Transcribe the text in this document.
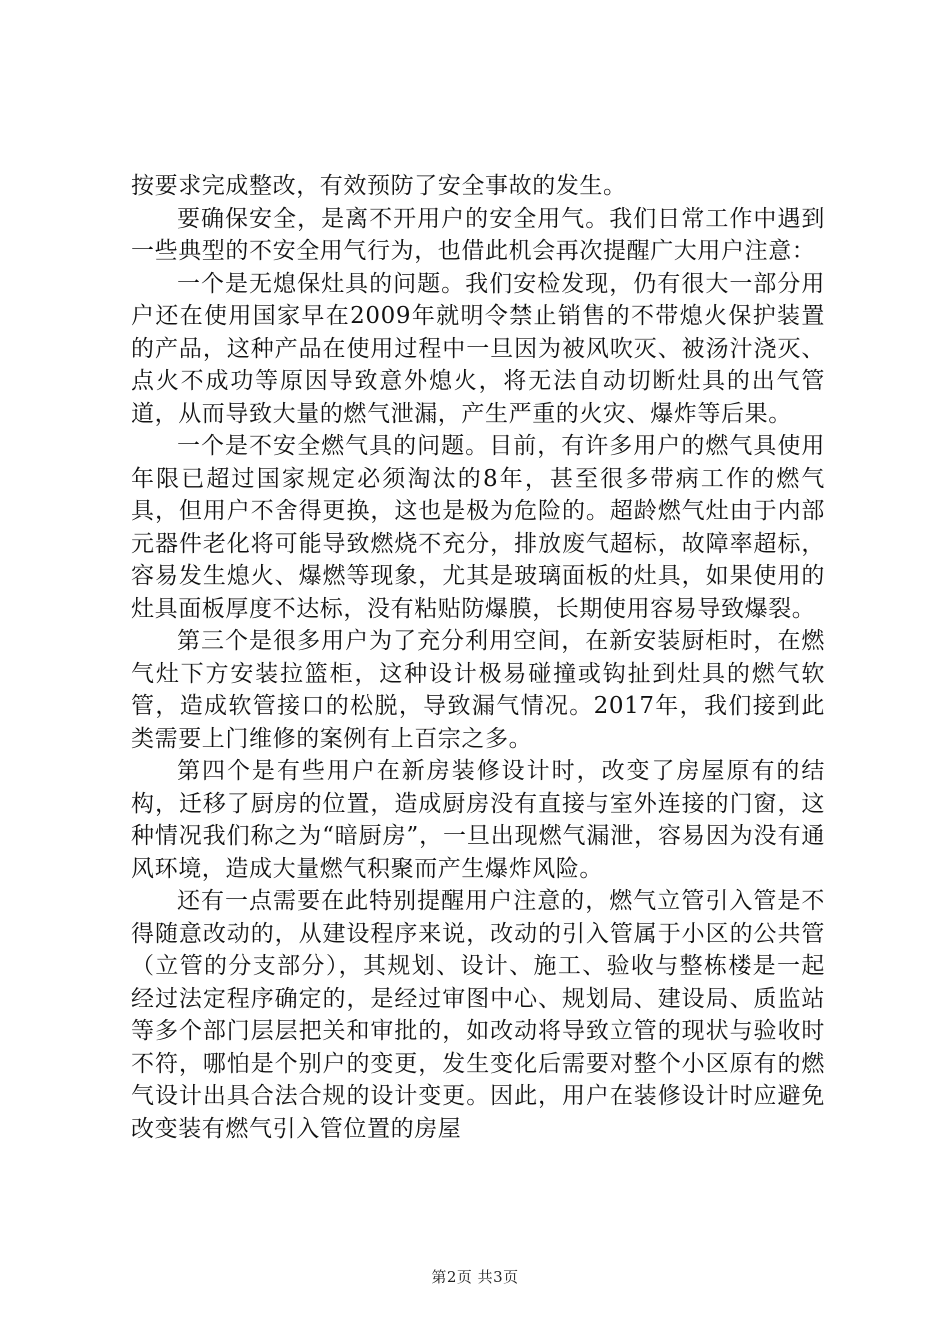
按要求完成整改，有效预防了安全事故的发生。

要确保安全，是离不开用户的安全用气。我们日常工作中遇到一些典型的不安全用气行为，也借此机会再次提醒广大用户注意：

一个是无熄保灶具的问题。我们安检发现，仍有很大一部分用户还在使用国家早在2009年就明令禁止销售的不带熄火保护装置的产品，这种产品在使用过程中一旦因为被风吹灭、被汤汁浇灭、点火不成功等原因导致意外熄火，将无法自动切断灶具的出气管道，从而导致大量的燃气泄漏，产生严重的火灾、爆炸等后果。

一个是不安全燃气具的问题。目前，有许多用户的燃气具使用年限已超过国家规定必须淘汰的8年，甚至很多带病工作的燃气具，但用户不舍得更换，这也是极为危险的。超龄燃气灶由于内部元器件老化将可能导致燃烧不充分，排放废气超标，故障率超标，容易发生熄火、爆燃等现象，尤其是玻璃面板的灶具，如果使用的灶具面板厚度不达标，没有粘贴防爆膜，长期使用容易导致爆裂。

第三个是很多用户为了充分利用空间，在新安装厨柜时，在燃气灶下方安装拉篮柜，这种设计极易碰撞或钩扯到灶具的燃气软管，造成软管接口的松脱，导致漏气情况。2017年，我们接到此类需要上门维修的案例有上百宗之多。

第四个是有些用户在新房装修设计时，改变了房屋原有的结构，迁移了厨房的位置，造成厨房没有直接与室外连接的门窗，这种情况我们称之为“暗厨房”，一旦出现燃气漏泄，容易因为没有通风环境，造成大量燃气积聚而产生爆炸风险。

还有一点需要在此特别提醒用户注意的，燃气立管引入管是不得随意改动的，从建设程序来说，改动的引入管属于小区的公共管（立管的分支部分），其规划、设计、施工、验收与整栋楼是一起经过法定程序确定的，是经过审图中心、规划局、建设局、质监站等多个部门层层把关和审批的，如改动将导致立管的现状与验收时不符，哪怕是个别户的变更，发生变化后需要对整个小区原有的燃气设计出具合法合规的设计变更。因此，用户在装修设计时应避免改变装有燃气引入管位置的房屋

第2页 共3页
